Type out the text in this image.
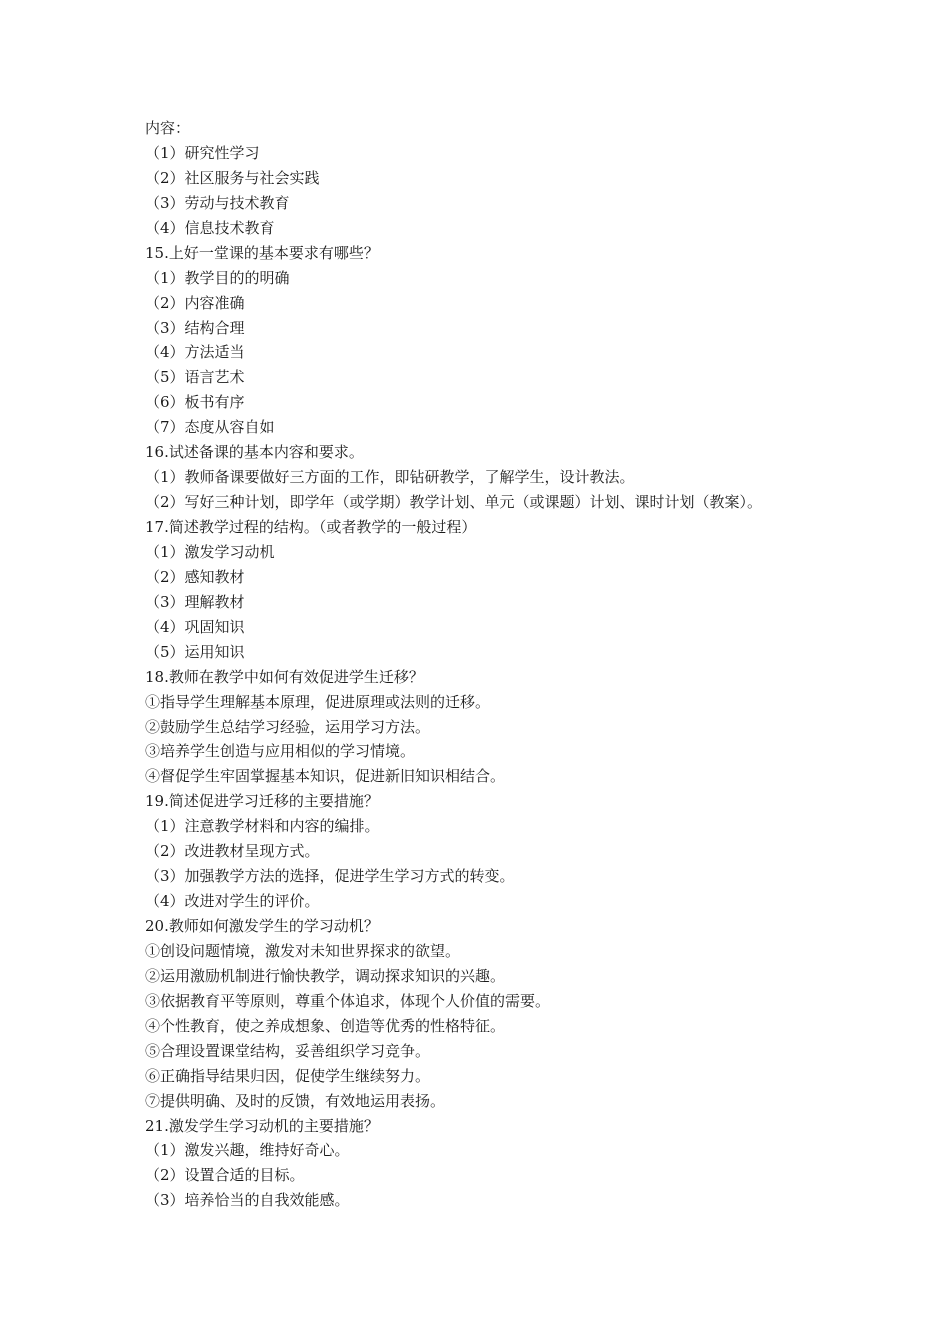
内容：

（1）研究性学习

（2）社区服务与社会实践

（3）劳动与技术教育

（4）信息技术教育

15.上好一堂课的基本要求有哪些？

（1）教学目的的明确

（2）内容准确

（3）结构合理

（4）方法适当

（5）语言艺术

（6）板书有序

（7）态度从容自如

16.试述备课的基本内容和要求。

（1）教师备课要做好三方面的工作，即钻研教学，了解学生，设计教法。

（2）写好三种计划，即学年（或学期）教学计划、单元（或课题）计划、课时计划（教案）。

17.简述教学过程的结构。（或者教学的一般过程）

（1）激发学习动机

（2）感知教材

（3）理解教材

（4）巩固知识

（5）运用知识

18.教师在教学中如何有效促进学生迁移？

①指导学生理解基本原理，促进原理或法则的迁移。

②鼓励学生总结学习经验，运用学习方法。

③培养学生创造与应用相似的学习情境。

④督促学生牢固掌握基本知识，促进新旧知识相结合。

19.简述促进学习迁移的主要措施？

（1）注意教学材料和内容的编排。

（2）改进教材呈现方式。

（3）加强教学方法的选择，促进学生学习方式的转变。

（4）改进对学生的评价。

20.教师如何激发学生的学习动机？

①创设问题情境，激发对未知世界探求的欲望。

②运用激励机制进行愉快教学，调动探求知识的兴趣。

③依据教育平等原则，尊重个体追求，体现个人价值的需要。

④个性教育，使之养成想象、创造等优秀的性格特征。

⑤合理设置课堂结构，妥善组织学习竞争。

⑥正确指导结果归因，促使学生继续努力。

⑦提供明确、及时的反馈，有效地运用表扬。

21.激发学生学习动机的主要措施？

（1）激发兴趣，维持好奇心。

（2）设置合适的目标。

（3）培养恰当的自我效能感。
